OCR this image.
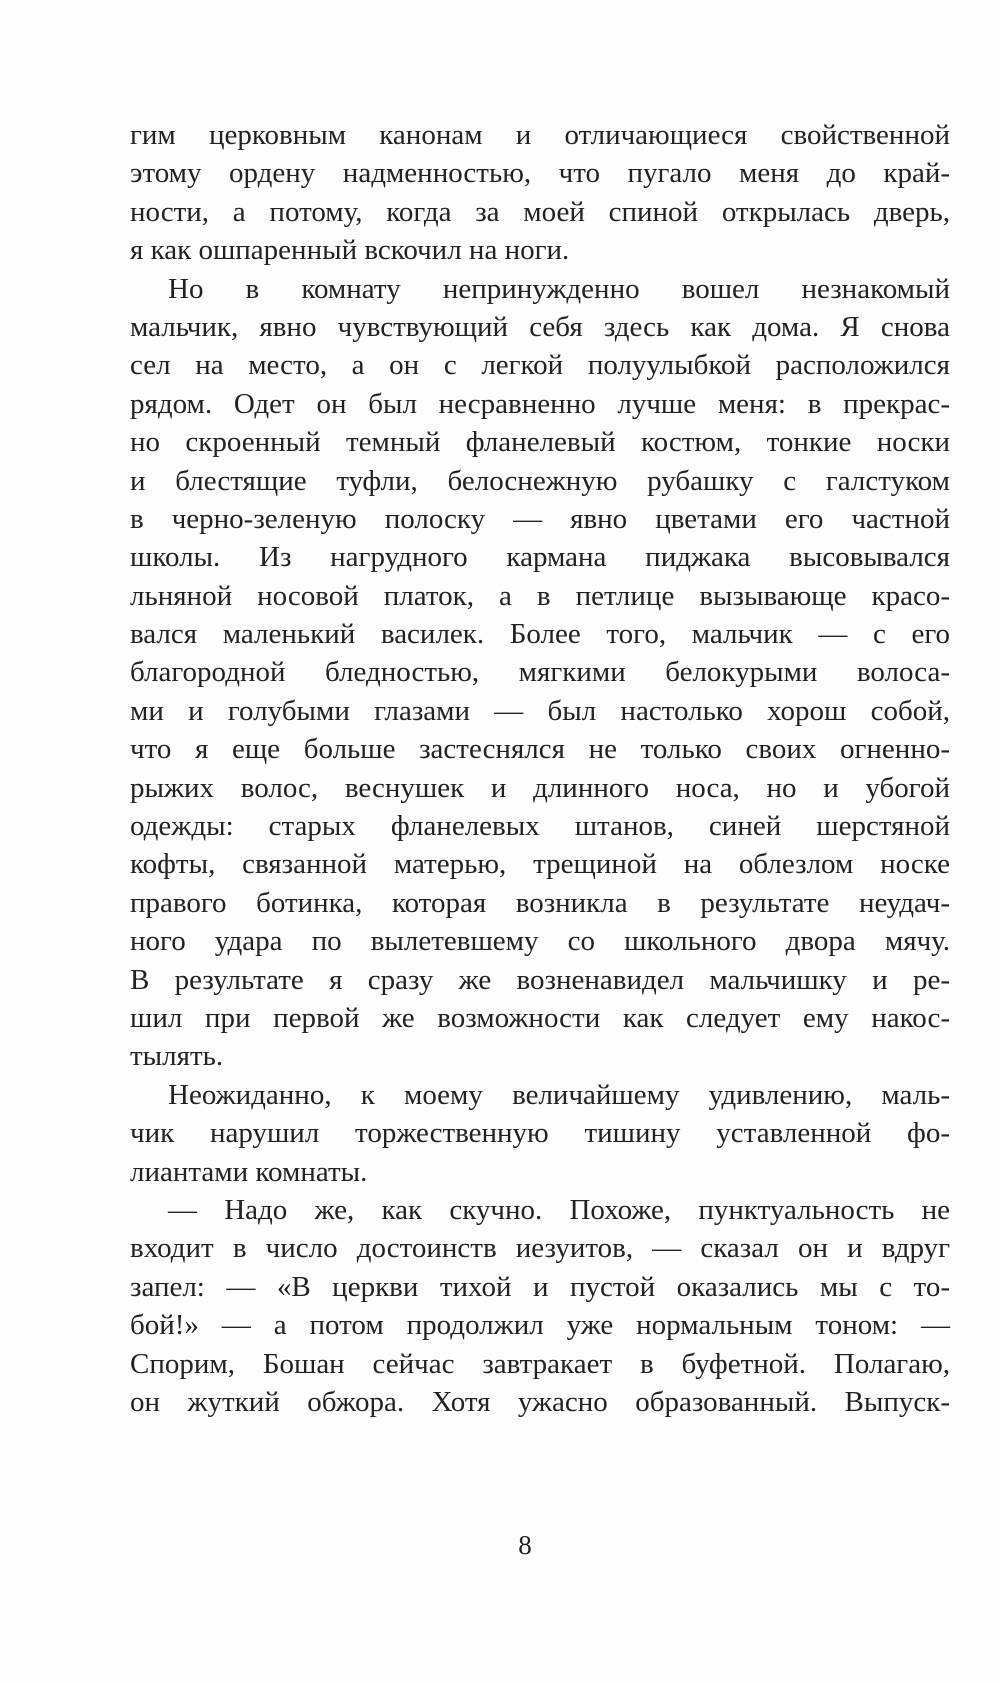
гим церковным канонам и отличающиеся свойственной
этому ордену надменностью, что пугало меня до край-
ности, а потому, когда за моей спиной открылась дверь,
я как ошпаренный вскочил на ноги.
Но в комнату непринужденно вошел незнакомый
мальчик, явно чувствующий себя здесь как дома. Я снова
сел на место, а он с легкой полуулыбкой расположился
рядом. Одет он был несравненно лучше меня: в прекрас-
но скроенный темный фланелевый костюм, тонкие носки
и блестящие туфли, белоснежную рубашку с галстуком
в черно-зеленую полоску — явно цветами его частной
школы. Из нагрудного кармана пиджака высовывался
льняной носовой платок, а в петлице вызывающе красо-
вался маленький василек. Более того, мальчик — с его
благородной бледностью, мягкими белокурыми волоса-
ми и голубыми глазами — был настолько хорош собой,
что я еще больше застеснялся не только своих огненно-
рыжих волос, веснушек и длинного носа, но и убогой
одежды: старых фланелевых штанов, синей шерстяной
кофты, связанной матерью, трещиной на облезлом носке
правого ботинка, которая возникла в результате неудач-
ного удара по вылетевшему со школьного двора мячу.
В результате я сразу же возненавидел мальчишку и ре-
шил при первой же возможности как следует ему накос-
тылять.
Неожиданно, к моему величайшему удивлению, маль-
чик нарушил торжественную тишину уставленной фо-
лиантами комнаты.
— Надо же, как скучно. Похоже, пунктуальность не
входит в число достоинств иезуитов, — сказал он и вдруг
запел: — «В церкви тихой и пустой оказались мы с то-
бой!» — а потом продолжил уже нормальным тоном: —
Спорим, Бошан сейчас завтракает в буфетной. Полагаю,
он жуткий обжора. Хотя ужасно образованный. Выпуск-
8
